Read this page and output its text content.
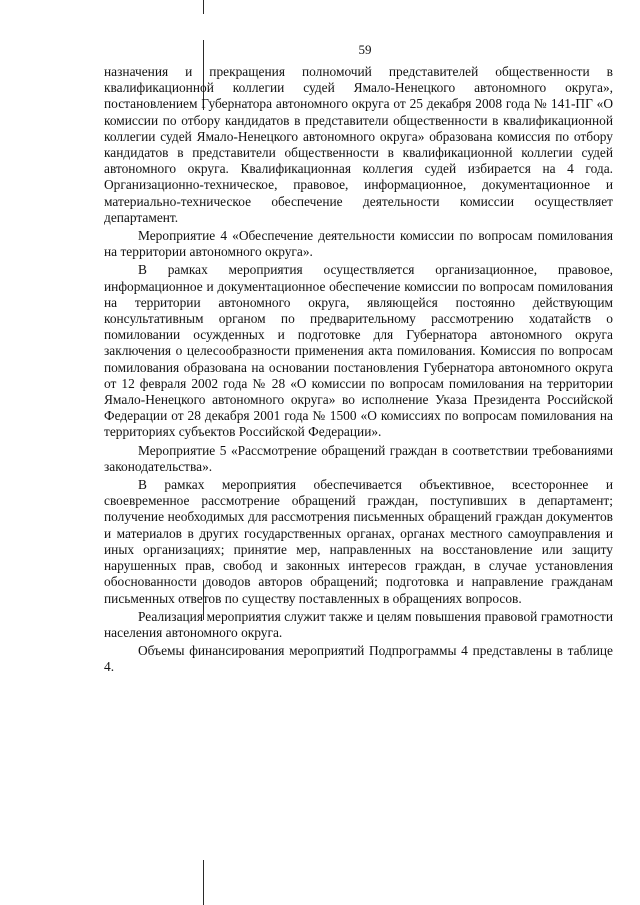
59

назначения и прекращения полномочий представителей общественности в квалификационной коллегии судей Ямало-Ненецкого автономного округа», постановлением Губернатора автономного округа от 25 декабря 2008 года № 141-ПГ «О комиссии по отбору кандидатов в представители общественности в квалификационной коллегии судей Ямало-Ненецкого автономного округа» образована комиссия по отбору кандидатов в представители общественности в квалификационной коллегии судей автономного округа. Квалификационная коллегия судей избирается на 4 года. Организационно-техническое, правовое, информационное, документационное и материально-техническое обеспечение деятельности комиссии осуществляет департамент.

Мероприятие 4 «Обеспечение деятельности комиссии по вопросам помилования на территории автономного округа».

В рамках мероприятия осуществляется организационное, правовое, информационное и документационное обеспечение комиссии по вопросам помилования на территории автономного округа, являющейся постоянно действующим консультативным органом по предварительному рассмотрению ходатайств о помиловании осужденных и подготовке для Губернатора автономного округа заключения о целесообразности применения акта помилования. Комиссия по вопросам помилования образована на основании постановления Губернатора автономного округа от 12 февраля 2002 года № 28 «О комиссии по вопросам помилования на территории Ямало-Ненецкого автономного округа» во исполнение Указа Президента Российской Федерации от 28 декабря 2001 года № 1500 «О комиссиях по вопросам помилования на территориях субъектов Российской Федерации».

Мероприятие 5 «Рассмотрение обращений граждан в соответствии требованиями законодательства».

В рамках мероприятия обеспечивается объективное, всестороннее и своевременное рассмотрение обращений граждан, поступивших в департамент; получение необходимых для рассмотрения письменных обращений граждан документов и материалов в других государственных органах, органах местного самоуправления и иных организациях; принятие мер, направленных на восстановление или защиту нарушенных прав, свобод и законных интересов граждан, в случае установления обоснованности доводов авторов обращений; подготовка и направление гражданам письменных ответов по существу поставленных в обращениях вопросов.

Реализация мероприятия служит также и целям повышения правовой грамотности населения автономного округа.

Объемы финансирования мероприятий Подпрограммы 4 представлены в таблице 4.
